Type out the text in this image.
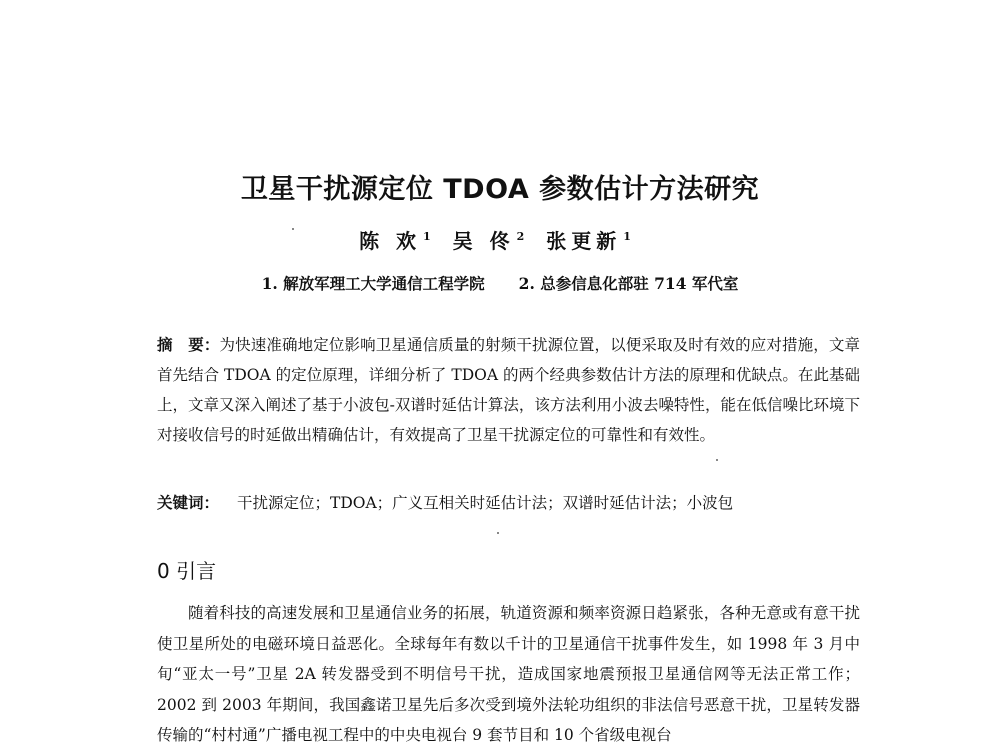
卫星干扰源定位 TDOA 参数估计方法研究
陈 欢 $^1$ 吴 佟 $^2$ 张更新 $^1$
1. 解放军理工大学通信工程学院 2. 总参信息化部驻 714 军代室
摘　要：为快速准确地定位影响卫星通信质量的射频干扰源位置，以便采取及时有效的应对措施，文章首先结合 TDOA 的定位原理，详细分析了 TDOA 的两个经典参数估计方法的原理和优缺点。在此基础上，文章又深入阐述了基于小波包-双谱时延估计算法，该方法利用小波去噪特性，能在低信噪比环境下对接收信号的时延做出精确估计，有效提高了卫星干扰源定位的可靠性和有效性。
关键词： 干扰源定位；TDOA；广义互相关时延估计法；双谱时延估计法；小波包
0 引言
随着科技的高速发展和卫星通信业务的拓展，轨道资源和频率资源日趋紧张，各种无意或有意干扰使卫星所处的电磁环境日益恶化。全球每年有数以千计的卫星通信干扰事件发生，如 1998 年 3 月中旬“亚太一号”卫星 2A 转发器受到不明信号干扰，造成国家地震预报卫星通信网等无法正常工作；2002 到 2003 年期间，我国鑫诺卫星先后多次受到境外法轮功组织的非法信号恶意干扰，卫星转发器传输的“村村通”广播电视工程中的中央电视台 9 套节目和 10 个省级电视台
